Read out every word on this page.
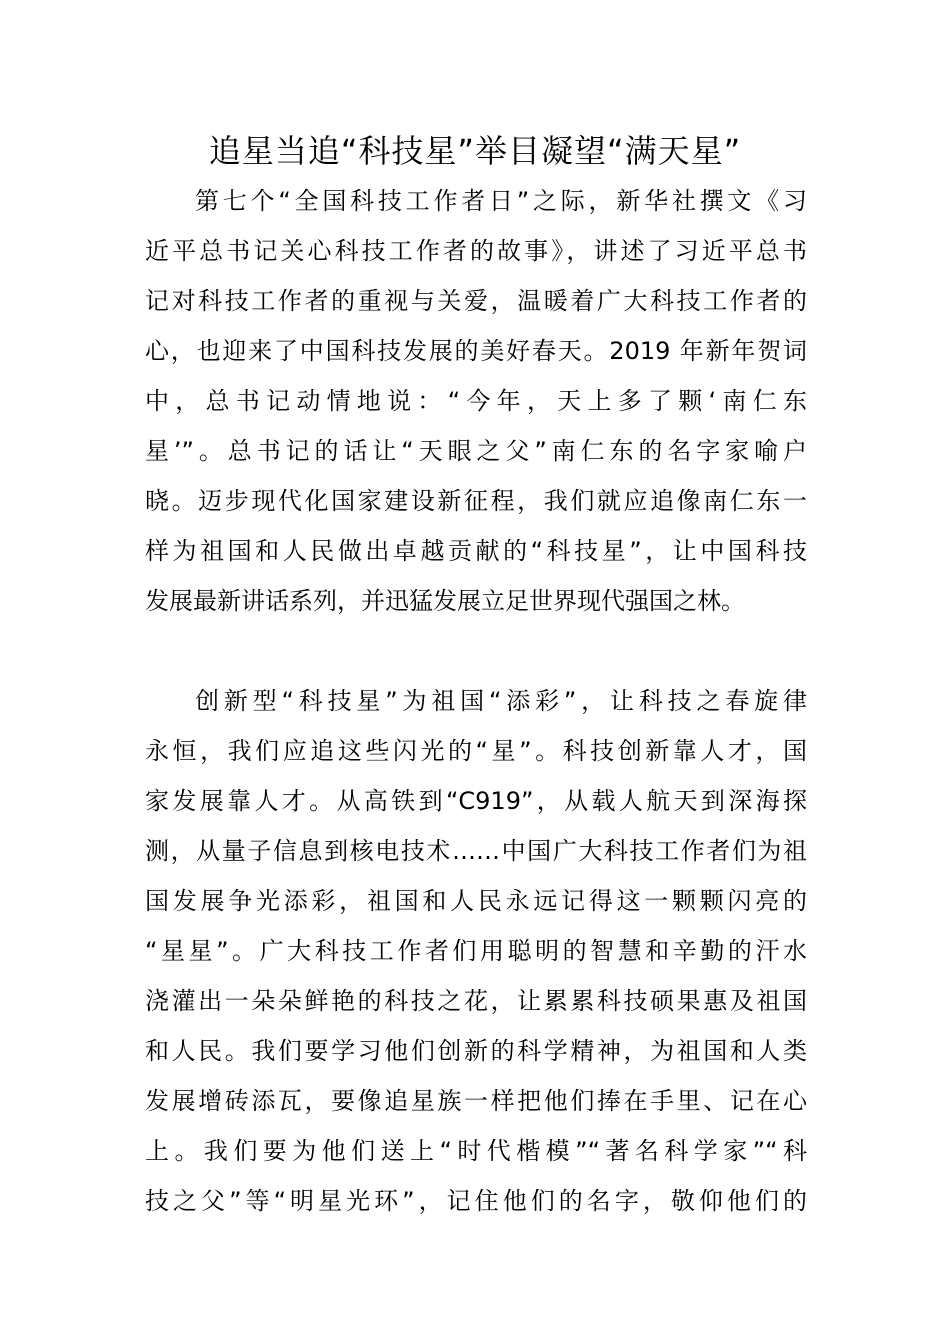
追星当追“科技星”举目凝望“满天星”
第七个“全国科技工作者日”之际，新华社撰文《习
近平总书记关心科技工作者的故事》，讲述了习近平总书
记对科技工作者的重视与关爱，温暖着广大科技工作者的
心，也迎来了中国科技发展的美好春天。2019 年新年贺词
中，总书记动情地说：“今年，天上多了颗‘南仁东
星’”。总书记的话让“天眼之父”南仁东的名字家喻户
晓。迈步现代化国家建设新征程，我们就应追像南仁东一
样为祖国和人民做出卓越贡献的“科技星”，让中国科技
发展最新讲话系列，并迅猛发展立足世界现代强国之林。
创新型“科技星”为祖国“添彩”，让科技之春旋律
永恒，我们应追这些闪光的“星”。科技创新靠人才，国
家发展靠人才。从高铁到“C919”，从载人航天到深海探
测，从量子信息到核电技术……中国广大科技工作者们为祖
国发展争光添彩，祖国和人民永远记得这一颗颗闪亮的
“星星”。广大科技工作者们用聪明的智慧和辛勤的汗水
浇灌出一朵朵鲜艳的科技之花，让累累科技硕果惠及祖国
和人民。我们要学习他们创新的科学精神，为祖国和人类
发展增砖添瓦，要像追星族一样把他们捧在手里、记在心
上。我们要为他们送上“时代楷模”“著名科学家”“科
技之父”等“明星光环”，记住他们的名字，敬仰他们的
